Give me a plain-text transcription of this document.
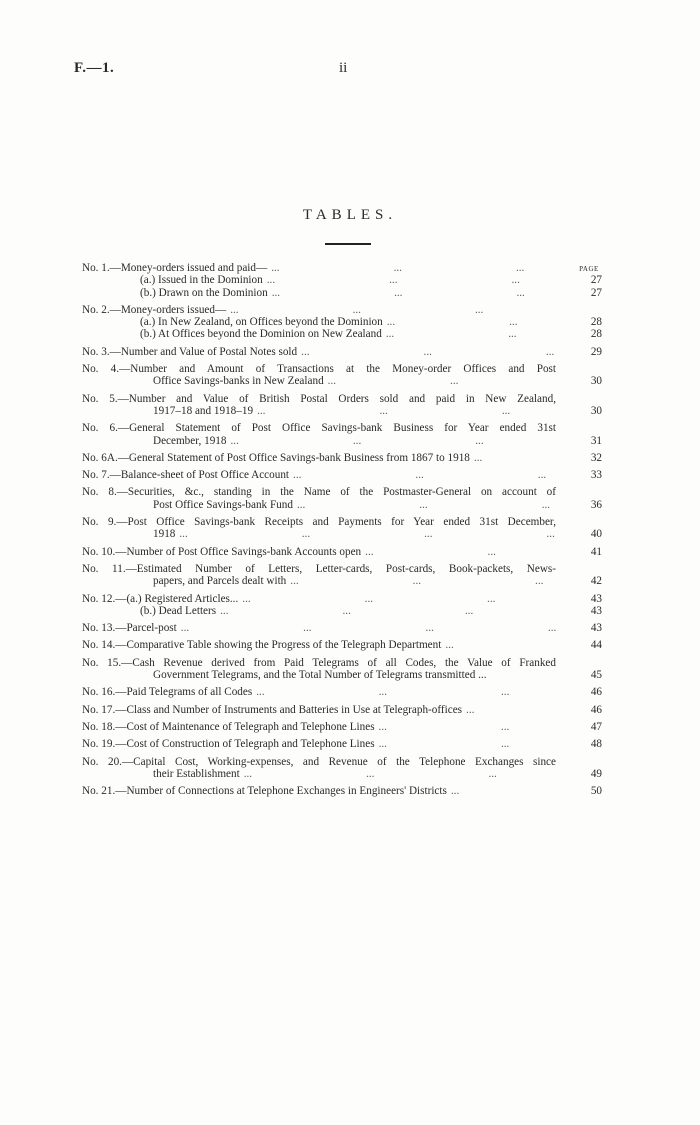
F.—1.	ii
TABLES.
PAGE
No. 1.—Money-orders issued and paid—
...
(a.) Issued in the Dominion ...	27
(b.) Drawn on the Dominion ...	27
No. 2.—Money-orders issued—
...
(a.) In New Zealand, on Offices beyond the Dominion ...	28
(b.) At Offices beyond the Dominion on New Zealand ...	28
No. 3.—Number and Value of Postal Notes sold ...	29
No. 4.—Number and Amount of Transactions at the Money-order Offices and Post
Office Savings-banks in New Zealand ...	30
No. 5.—Number and Value of British Postal Orders sold and paid in New Zealand,
1917–18 and 1918–19 ...	30
No. 6.—General Statement of Post Office Savings-bank Business for Year ended 31st
December, 1918 ...	31
No. 6A.—General Statement of Post Office Savings-bank Business from 1867 to 1918 ...	32
No. 7.—Balance-sheet of Post Office Account ...	33
No. 8.—Securities, &c., standing in the Name of the Postmaster-General on account of
Post Office Savings-bank Fund ...	36
No. 9.—Post Office Savings-bank Receipts and Payments for Year ended 31st December,
1918 ...	40
No. 10.—Number of Post Office Savings-bank Accounts open ...	41
No. 11.—Estimated Number of Letters, Letter-cards, Post-cards, Book-packets, News-
papers, and Parcels dealt with ...	42
No. 12.—(a.) Registered Articles... ...	43
(b.) Dead Letters ...	43
No. 13.—Parcel-post ...	43
No. 14.—Comparative Table showing the Progress of the Telegraph Department ...	44
No. 15.—Cash Revenue derived from Paid Telegrams of all Codes, the Value of Franked
Government Telegrams, and the Total Number of Telegrams transmitted ...	45
No. 16.—Paid Telegrams of all Codes ...	46
No. 17.—Class and Number of Instruments and Batteries in Use at Telegraph-offices ...	46
No. 18.—Cost of Maintenance of Telegraph and Telephone Lines ...	47
No. 19.—Cost of Construction of Telegraph and Telephone Lines ...	48
No. 20.—Capital Cost, Working-expenses, and Revenue of the Telephone Exchanges since
their Establishment ...	49
No. 21.—Number of Connections at Telephone Exchanges in Engineers' Districts ...	50
